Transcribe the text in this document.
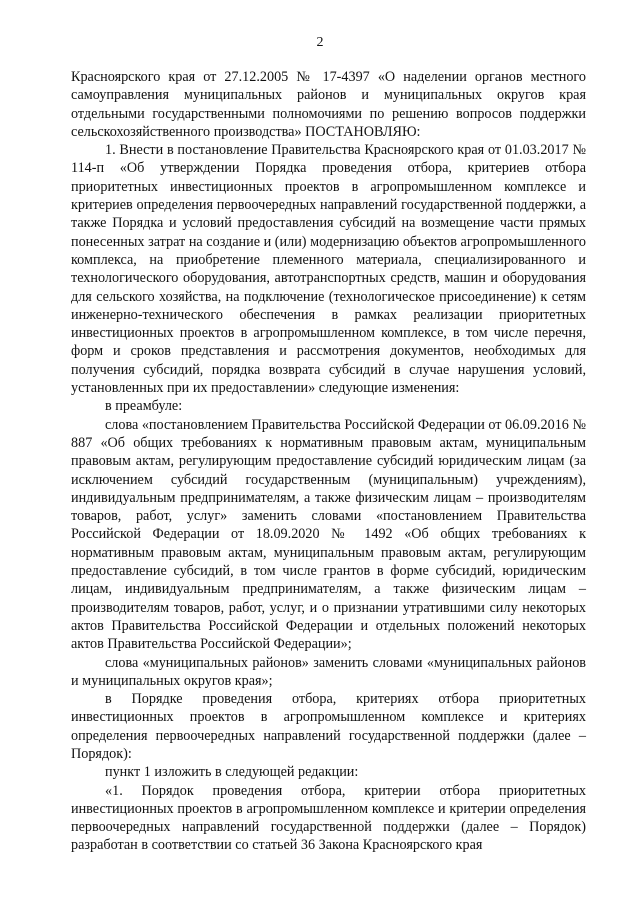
2

Красноярского края от 27.12.2005 № 17-4397 «О наделении органов местного самоуправления муниципальных районов и муниципальных округов края отдельными государственными полномочиями по решению вопросов поддержки сельскохозяйственного производства» ПОСТАНОВЛЯЮ:

1. Внести в постановление Правительства Красноярского края от 01.03.2017 № 114-п «Об утверждении Порядка проведения отбора, критериев отбора приоритетных инвестиционных проектов в агропромышленном комплексе и критериев определения первоочередных направлений государственной поддержки, а также Порядка и условий предоставления субсидий на возмещение части прямых понесенных затрат на создание и (или) модернизацию объектов агропромышленного комплекса, на приобретение племенного материала, специализированного и технологического оборудования, автотранспортных средств, машин и оборудования для сельского хозяйства, на подключение (технологическое присоединение) к сетям инженерно-технического обеспечения в рамках реализации приоритетных инвестиционных проектов в агропромышленном комплексе, в том числе перечня, форм и сроков представления и рассмотрения документов, необходимых для получения субсидий, порядка возврата субсидий в случае нарушения условий, установленных при их предоставлении» следующие изменения:

в преамбуле:

слова «постановлением Правительства Российской Федерации от 06.09.2016 № 887 «Об общих требованиях к нормативным правовым актам, муниципальным правовым актам, регулирующим предоставление субсидий юридическим лицам (за исключением субсидий государственным (муниципальным) учреждениям), индивидуальным предпринимателям, а также физическим лицам – производителям товаров, работ, услуг» заменить словами «постановлением Правительства Российской Федерации от 18.09.2020 № 1492 «Об общих требованиях к нормативным правовым актам, муниципальным правовым актам, регулирующим предоставление субсидий, в том числе грантов в форме субсидий, юридическим лицам, индивидуальным предпринимателям, а также физическим лицам – производителям товаров, работ, услуг, и о признании утратившими силу некоторых актов Правительства Российской Федерации и отдельных положений некоторых актов Правительства Российской Федерации»;

слова «муниципальных районов» заменить словами «муниципальных районов и муниципальных округов края»;

в Порядке проведения отбора, критериях отбора приоритетных инвестиционных проектов в агропромышленном комплексе и критериях определения первоочередных направлений государственной поддержки (далее – Порядок):

пункт 1 изложить в следующей редакции:

«1. Порядок проведения отбора, критерии отбора приоритетных инвестиционных проектов в агропромышленном комплексе и критерии определения первоочередных направлений государственной поддержки (далее – Порядок) разработан в соответствии со статьей 36 Закона Красноярского края
